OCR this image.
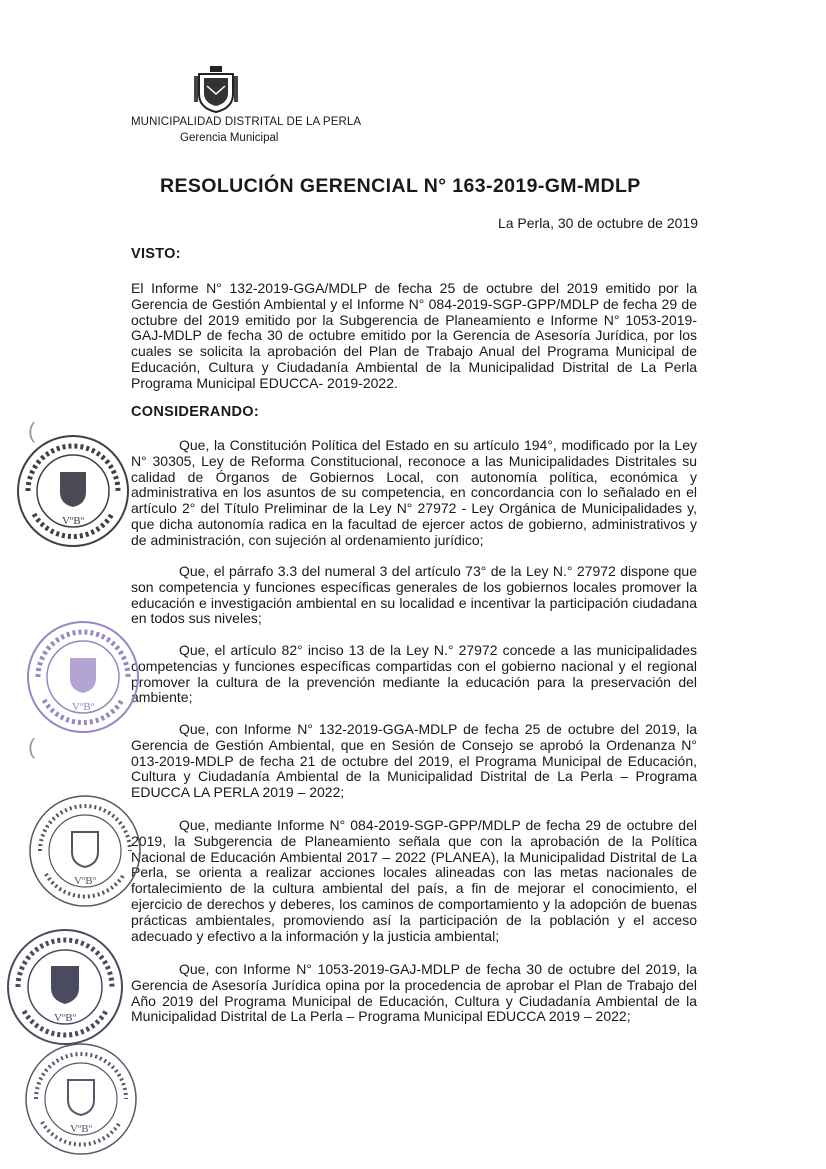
MUNICIPALIDAD DISTRITAL DE LA PERLA
Gerencia Municipal
RESOLUCIÓN GERENCIAL N° 163-2019-GM-MDLP
La Perla, 30 de octubre de 2019
VISTO:

El Informe N° 132-2019-GGA/MDLP de fecha 25 de octubre del 2019 emitido por la Gerencia de Gestión Ambiental y el Informe N° 084-2019-SGP-GPP/MDLP de fecha 29 de octubre del 2019 emitido por la Subgerencia de Planeamiento e Informe N° 1053-2019-GAJ-MDLP de fecha 30 de octubre emitido por la Gerencia de Asesoría Jurídica, por los cuales se solicita la aprobación del Plan de Trabajo Anual del Programa Municipal de Educación, Cultura y Ciudadanía Ambiental de la Municipalidad Distrital de La Perla Programa Municipal EDUCCA- 2019-2022.

CONSIDERANDO:

Que, la Constitución Política del Estado en su artículo 194°, modificado por la Ley N° 30305, Ley de Reforma Constitucional, reconoce a las Municipalidades Distritales su calidad de Órganos de Gobiernos Local, con autonomía política, económica y administrativa en los asuntos de su competencia, en concordancia con lo señalado en el artículo 2° del Título Preliminar de la Ley N° 27972 - Ley Orgánica de Municipalidades y, que dicha autonomía radica en la facultad de ejercer actos de gobierno, administrativos y de administración, con sujeción al ordenamiento jurídico;

Que, el párrafo 3.3 del numeral 3 del artículo 73° de la Ley N.° 27972 dispone que son competencia y funciones específicas generales de los gobiernos locales promover la educación e investigación ambiental en su localidad e incentivar la participación ciudadana en todos sus niveles;

Que, el artículo 82° inciso 13 de la Ley N.° 27972 concede a las municipalidades competencias y funciones específicas compartidas con el gobierno nacional y el regional promover la cultura de la prevención mediante la educación para la preservación del ambiente;

Que, con Informe N° 132-2019-GGA-MDLP de fecha 25 de octubre del 2019, la Gerencia de Gestión Ambiental, que en Sesión de Consejo se aprobó la Ordenanza N° 013-2019-MDLP de fecha 21 de octubre del 2019, el Programa Municipal de Educación, Cultura y Ciudadanía Ambiental de la Municipalidad Distrital de La Perla – Programa EDUCCA LA PERLA 2019 – 2022;

Que, mediante Informe N° 084-2019-SGP-GPP/MDLP de fecha 29 de octubre del 2019, la Subgerencia de Planeamiento señala que con la aprobación de la Política Nacional de Educación Ambiental 2017 – 2022 (PLANEA), la Municipalidad Distrital de La Perla, se orienta a realizar acciones locales alineadas con las metas nacionales de fortalecimiento de la cultura ambiental del país, a fin de mejorar el conocimiento, el ejercicio de derechos y deberes, los caminos de comportamiento y la adopción de buenas prácticas ambientales, promoviendo así la participación de la población y el acceso adecuado y efectivo a la información y la justicia ambiental;

Que, con Informe N° 1053-2019-GAJ-MDLP de fecha 30 de octubre del 2019, la Gerencia de Asesoría Jurídica opina por la procedencia de aprobar el Plan de Trabajo del Año 2019 del Programa Municipal de Educación, Cultura y Ciudadanía Ambiental de la Municipalidad Distrital de La Perla – Programa Municipal EDUCCA 2019 – 2022;

VºBº
VºBº
VºBº
VºBº
VºBº
(
(
